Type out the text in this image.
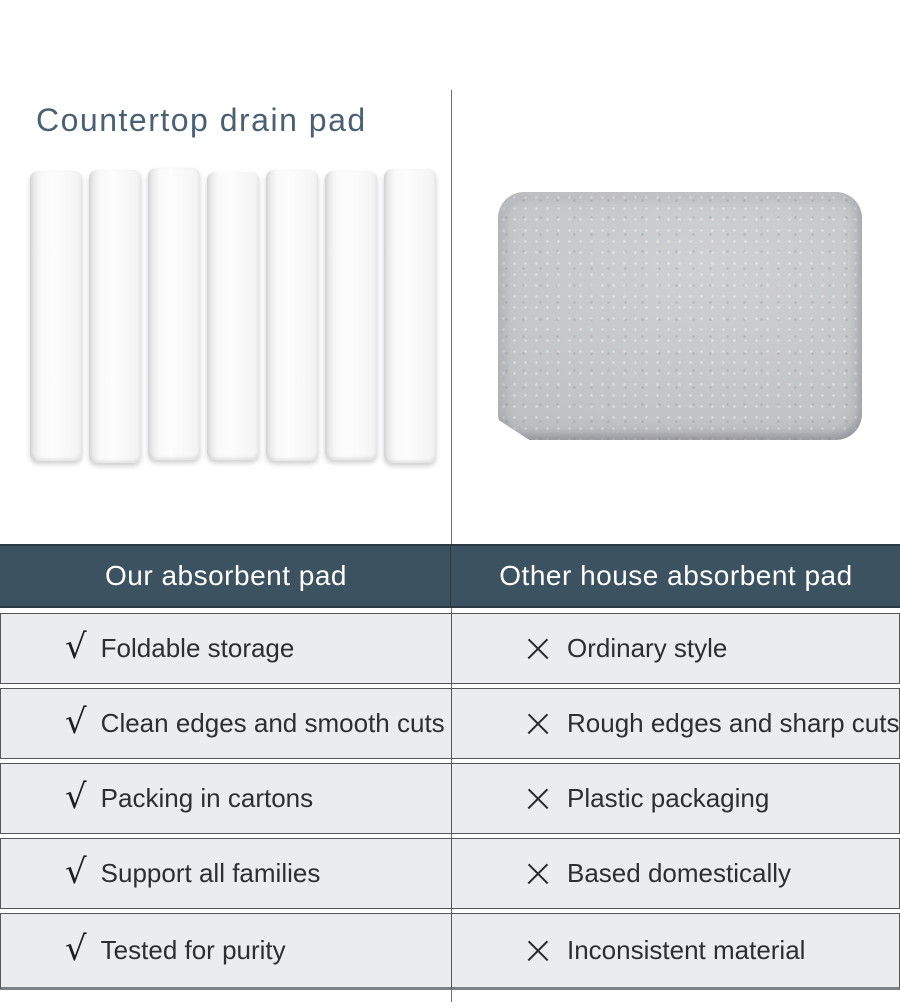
Countertop drain pad
Our absorbent pad	Other house absorbent pad
√ Foldable storage	Ordinary style
√ Clean edges and smooth cuts	Rough edges and sharp cuts
√ Packing in cartons	Plastic packaging
√ Support all families	Based domestically
√ Tested for purity	Inconsistent material
